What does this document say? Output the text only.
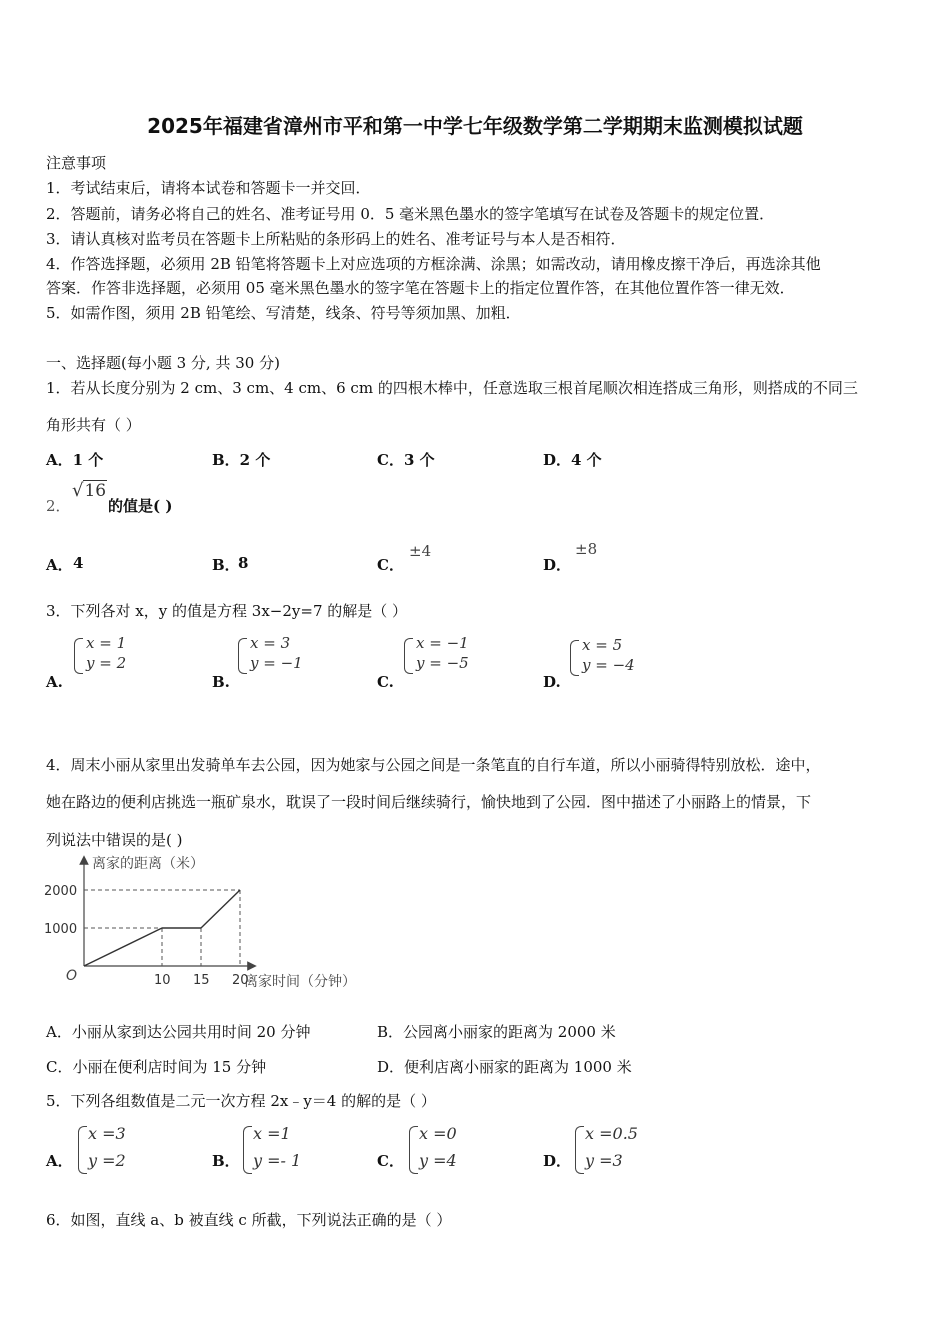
2025年福建省漳州市平和第一中学七年级数学第二学期期末监测模拟试题
注意事项
1．考试结束后，请将本试卷和答题卡一并交回．
2．答题前，请务必将自己的姓名、准考证号用 0．5 毫米黑色墨水的签字笔填写在试卷及答题卡的规定位置．
3．请认真核对监考员在答题卡上所粘贴的条形码上的姓名、准考证号与本人是否相符．
4．作答选择题，必须用 2B 铅笔将答题卡上对应选项的方框涂满、涂黑；如需改动，请用橡皮擦干净后，再选涂其他
答案．作答非选择题，必须用 05 毫米黑色墨水的签字笔在答题卡上的指定位置作答，在其他位置作答一律无效．
5．如需作图，须用 2B 铅笔绘、写清楚，线条、符号等须加黑、加粗．
一、选择题(每小题 3 分, 共 30 分)
1．若从长度分别为 2 cm、3 cm、4 cm、6 cm 的四根木棒中，任意选取三根首尾顺次相连搭成三角形，则搭成的不同三
角形共有（ ）
A．1 个	B．2 个	C．3 个	D．4 个
2．
√16
的值是( )
A． 4	B．
8	C．
±4
D．
±8
3．下列各对 x，y 的值是方程 3x−2y=7 的解是（ ）
A.
x = 1
y = 2
B.
x = 3
y = −1
C.
x = −1
y = −5
D.
x = 5
y = −4
4．周末小丽从家里出发骑单车去公园，因为她家与公园之间是一条笔直的自行车道，所以小丽骑得特别放松．途中，
她在路边的便利店挑选一瓶矿泉水，耽误了一段时间后继续骑行，愉快地到了公园．图中描述了小丽路上的情景，下
列说法中错误的是( )
离家的距离（米）
离家时间（分钟）
O
1000
2000
10 15 20
A．小丽从家到达公园共用时间 20 分钟	B．公园离小丽家的距离为 2000 米
C．小丽在便利店时间为 15 分钟	D．便利店离小丽家的距离为 1000 米
5．下列各组数值是二元一次方程 2x﹣y＝4 的解的是（ ）
A．
x =3
y =2	B．
x =1
y =- 1	C．
x =0
y =4	D．
x =0.5
y =3
6．如图，直线 a、b 被直线 c 所截，下列说法正确的是（ ）
